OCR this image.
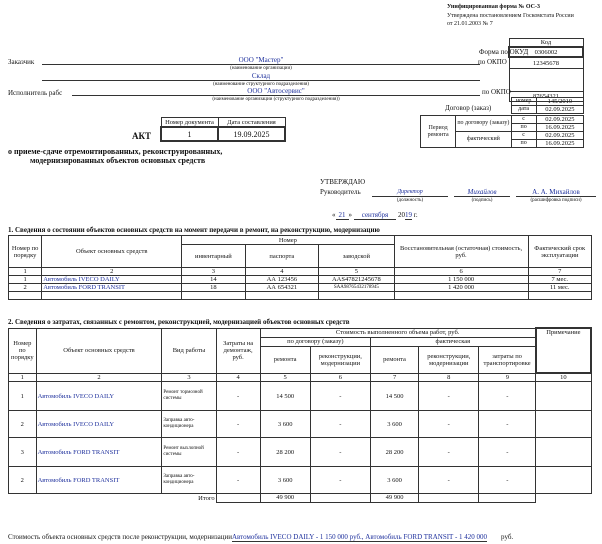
Унифицированная форма № ОС-3
Утверждена постановлением Госкомстата России
от 21.01.2003 № 7
Код
0306002
12345678

87654321
Форма по ОКУД
по ОКПО
по ОКПО
Договор (заказ)
	номер	145/2019
	дата	02.09.2025
Период ремонта	по договору (заказу)	с	02.09.2025
		по	16.09.2025
	фактический	с	02.09.2025
		по	16.09.2025
Заказчик	ООО "Мастер"
(наименование организации)
Склад
(наименование структурного подразделения)
Исполнитель рабс	ООО "Автосервис"
(наименование организации (структурного подразделения))
Номер документа	Дата составления
1	19.09.2025
АКТ
о приеме-сдаче отремонтированных, реконструированных,
модернизированных объектов основных средств
УТВЕРЖДАЮ
Руководитель	Директор
(должность)
Михайлов
(подпись)
А. А. Михайлов
(расшифровка подписи)
« 21 » сентября 2019 г.
1. Сведения о состоянии объектов основных средств на момент передачи в ремонт, на реконструкцию, модернизацию
Номер по порядку	Объект основных средств	Номер			Восстановительная (остаточная) стоимость, руб.	Фактический срок эксплуатации
		инвентарный	паспорта	заводской		
1	2	3	4	5	6	7
1	Автомобиль IVECO DAILY	14	АА 123456	AAS47821245678	1 150 000	7 мес.
2	Автомобиль FORD TRANSIT	18	АА 654321	SAA98765432178945	1 420 000	11 мес.

2. Сведения о затратах, связанных с ремонтом, реконструкцией, модернизацией объектов основных средств
Номер по порядку	Объект основных средств	Вид работы	Затраты на демонтаж, руб.	Стоимость выполненного объема работ, руб.					Примечание
				по договору (заказу)		фактическая			
				ремонта	реконструкции, модернизации	ремонта	реконструкции, модернизации	затраты по транспортировке	
1	2	3	4	5	6	7	8	9	10
1	Автомобиль IVECO DAILY	Ремонт тормозной системы	-	14 500	-	14 500	-	-	
2	Автомобиль IVECO DAILY	Заправка авто-кондиционера	-	3 600	-	3 600	-	-	
3	Автомобиль FORD TRANSIT	Ремонт выхлопной системы	-	28 200	-	28 200	-	-	
2	Автомобиль FORD TRANSIT	Заправка авто-кондиционера	-	3 600	-	3 600	-	-	
Итого				49 900		49 900			
Стоимость объекта основных средств после реконструкции, модернизацииАвтомобиль IVECO DAILY - 1 150 000 руб., Автомобиль FORD TRANSIT - 1 420 000 руб.
